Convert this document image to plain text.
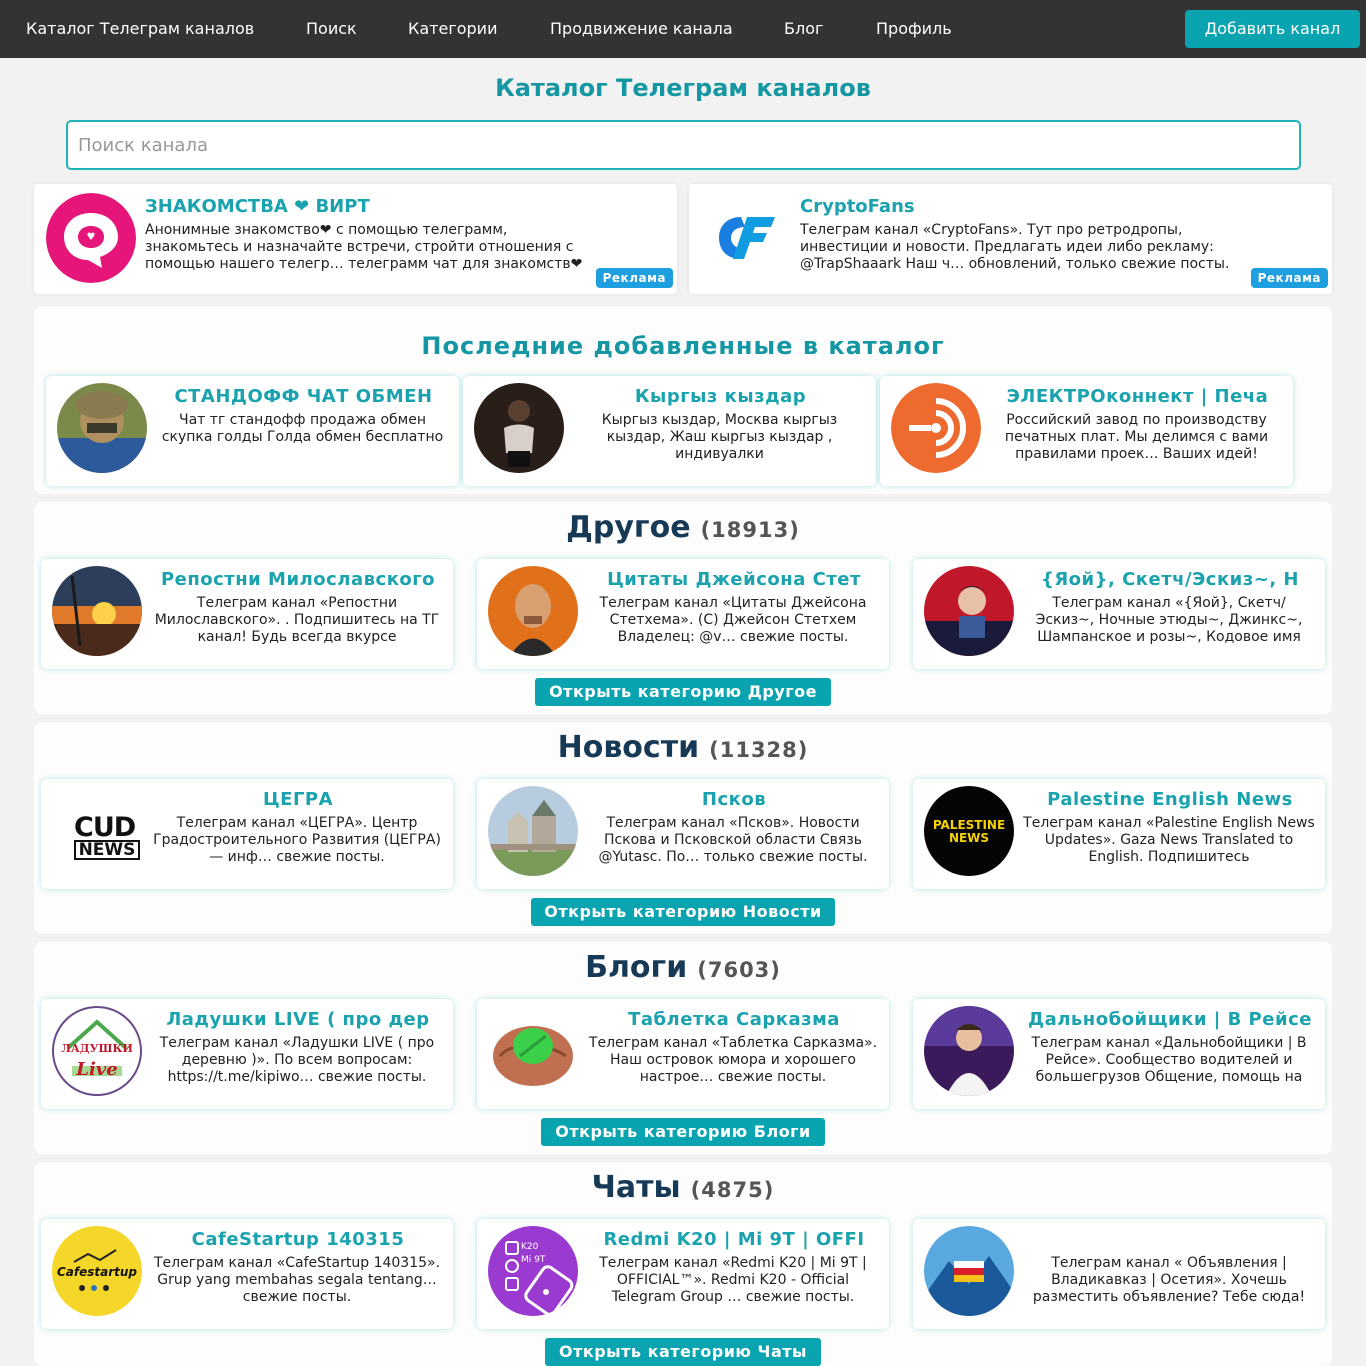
Каталог Телеграм каналов	Поиск	Категории	Продвижение канала	Блог	Профиль	Добавить канал
Каталог Телеграм каналов
Поиск канала
ЗНАКОМСТВА ❤ ВИРТ
Анонимные знакомство❤ с помощью телеграмм, знакомьтесь и назначайте встречи, стройти отношения с помощью нашего телегр… телеграмм чат для знакомств❤
Реклама
CryptoFans
Телеграм канал «CryptoFans». Тут про ретродропы, инвестиции и новости. Предлагать идеи либо рекламу: @TrapShaaark Наш ч… обновлений, только свежие посты.
Реклама
Последние добавленные в каталог
СТАНДОФФ ЧАТ ОБМЕН
Чат тг стандофф продажа обмен скупка голды Голда обмен бесплатно
Кыргыз кыздар
Кыргыз кыздар, Москва кыргыз кыздар, Жаш кыргыз кыздар , индивуалки
ЭЛЕКТРОконнект | Печа
Российский завод по производству печатных плат. Мы делимся с вами правилами проек… Ваших идей!
Другое (18913)
Репостни Милославского
Телеграм канал «Репостни Милославского». . Подпишитесь на ТГ канал! Будь всегда вкурсе
Цитаты Джейсона Стет
Телеграм канал «Цитаты Джейсона Стетхема». (C) Джейсон Стетхем Владелец: @v… свежие посты.
{Яой}, Скетч/Эскиз~, Н
Телеграм канал «{Яой}, Скетч/Эскиз~, Ночные этюды~, Джинкс~, Шампанское и розы~, Кодовое имя
Открыть категорию Другое
Новости (11328)
CUD
NEWS
ЦЕГРА
Телеграм канал «ЦЕГРА». Центр Градостроительного Развития (ЦЕГРА) — инф… свежие посты.
Псков
Телеграм канал «Псков». Новости Пскова и Псковской области Связь @Yutasc. По… только свежие посты.
PALESTINE
NEWS
Palestine English News
Телеграм канал «Palestine English News Updates». Gaza News Translated to English. Подпишитесь
Открыть категорию Новости
Блоги (7603)
ЛАДУШКИ
Live
Ладушки LIVE ( про дер
Телеграм канал «Ладушки LIVE ( про деревню )». По всем вопросам: https://t.me/kipiwo… свежие посты.
Таблетка Сарказма
Телеграм канал «Таблетка Сарказма». Наш островок юмора и хорошего настрое… свежие посты.
Дальнобойщики | В Рейсе
Телеграм канал «Дальнобойщики | В Рейсе». Сообщество водителей и большегрузов Общение, помощь на
Открыть категорию Блоги
Чаты (4875)
Cafestartup
CafeStartup 140315
Телеграм канал «CafeStartup 140315». Grup yang membahas segala tentang… свежие посты.
K20
Mi 9T
Redmi K20 | Mi 9T | OFFI
Телеграм канал «Redmi K20 | Mi 9T | OFFICIAL™». Redmi K20 - Official Telegram Group … свежие посты.
Телеграм канал « Объявления | Владикавказ | Осетия». Хочешь разместить объявление? Тебе сюда!
Открыть категорию Чаты
